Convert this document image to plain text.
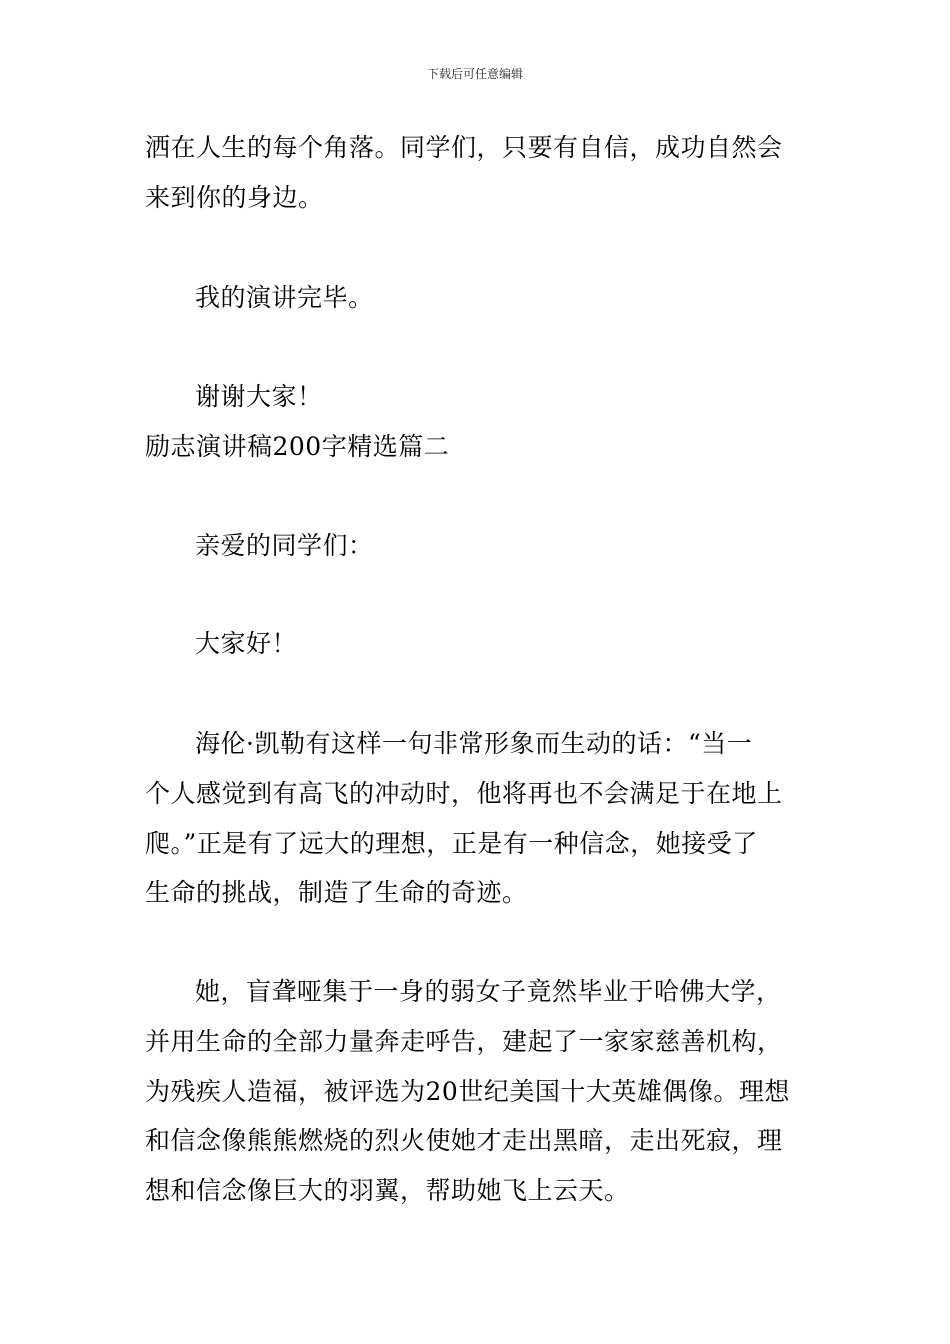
下载后可任意编辑
洒在人生的每个角落。同学们，只要有自信，成功自然会
来到你的身边。
我的演讲完毕。
谢谢大家！
励志演讲稿200字精选篇二
亲爱的同学们：
大家好！
海伦·凯勒有这样一句非常形象而生动的话：“当一
个人感觉到有高飞的冲动时，他将再也不会满足于在地上
爬。”正是有了远大的理想，正是有一种信念，她接受了
生命的挑战，制造了生命的奇迹。
她，盲聋哑集于一身的弱女子竟然毕业于哈佛大学，
并用生命的全部力量奔走呼告，建起了一家家慈善机构，
为残疾人造福，被评选为20世纪美国十大英雄偶像。理想
和信念像熊熊燃烧的烈火使她才走出黑暗，走出死寂，理
想和信念像巨大的羽翼，帮助她飞上云天。
